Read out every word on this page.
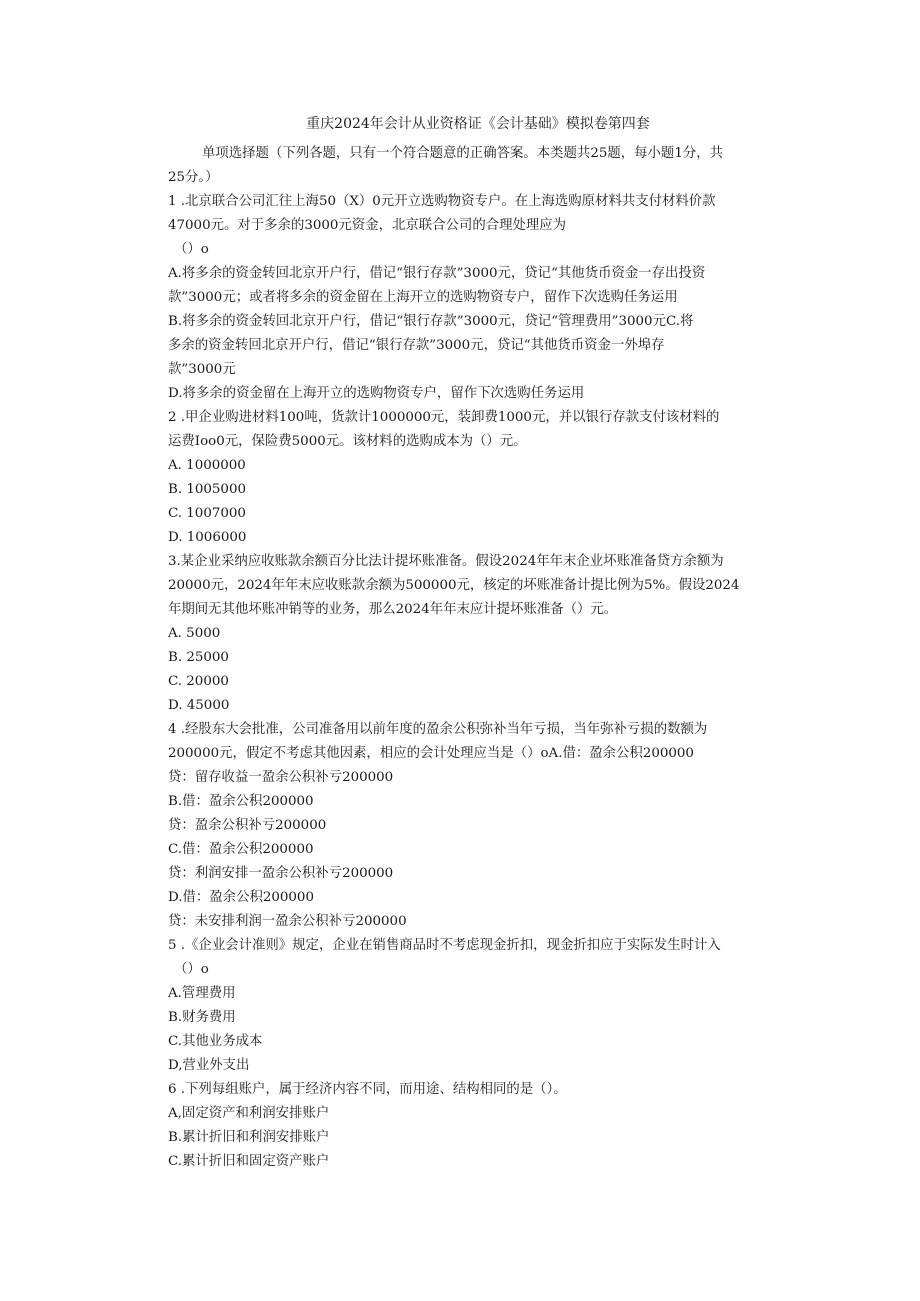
重庆2024年会计从业资格证《会计基础》模拟卷第四套
单项选择题（下列各题，只有一个符合题意的正确答案。本类题共25题，每小题1分，共
25分。）
1 .北京联合公司汇往上海50（X）0元开立选购物资专户。在上海选购原材料共支付材料价款
47000元。对于多余的3000元资金，北京联合公司的合理处理应为
（）o
A.将多余的资金转回北京开户行，借记“银行存款”3000元，贷记“其他货币资金一存出投资
款”3000元；或者将多余的资金留在上海开立的选购物资专户，留作下次选购任务运用
B.将多余的资金转回北京开户行，借记“银行存款”3000元，贷记“管理费用”3000元C.将
多余的资金转回北京开户行，借记“银行存款”3000元，贷记“其他货币资金一外埠存
款”3000元
D.将多余的资金留在上海开立的选购物资专户，留作下次选购任务运用
2 .甲企业购进材料100吨，货款计1000000元，装卸费1000元，并以银行存款支付该材料的
运费Ioo0元，保险费5000元。该材料的选购成本为（）元。
A. 1000000
B. 1005000
C. 1007000
D. 1006000
3.某企业采纳应收账款余额百分比法计提坏账准备。假设2024年年末企业坏账准备贷方余额为
20000元，2024年年末应收账款余额为500000元，核定的坏账准备计提比例为5%。假设2024
年期间无其他坏账冲销等的业务，那么2024年年末应计提坏账准备（）元。
A. 5000
B. 25000
C. 20000
D. 45000
4 .经股东大会批准，公司准备用以前年度的盈余公积弥补当年亏损，当年弥补亏损的数额为
200000元，假定不考虑其他因素，相应的会计处理应当是（）oA.借：盈余公积200000
贷：留存收益一盈余公积补亏200000
B.借：盈余公积200000
贷：盈余公积补亏200000
C.借：盈余公积200000
贷：利润安排一盈余公积补亏200000
D.借：盈余公积200000
贷：未安排利润一盈余公积补亏200000
5 .《企业会计准则》规定，企业在销售商品时不考虑现金折扣，现金折扣应于实际发生时计入
（）o
A.管理费用
B.财务费用
C.其他业务成本
D,营业外支出
6 .下列每组账户，属于经济内容不同，而用途、结构相同的是（）。
A,固定资产和利润安排账户
B.累计折旧和利润安排账户
C.累计折旧和固定资产账户
